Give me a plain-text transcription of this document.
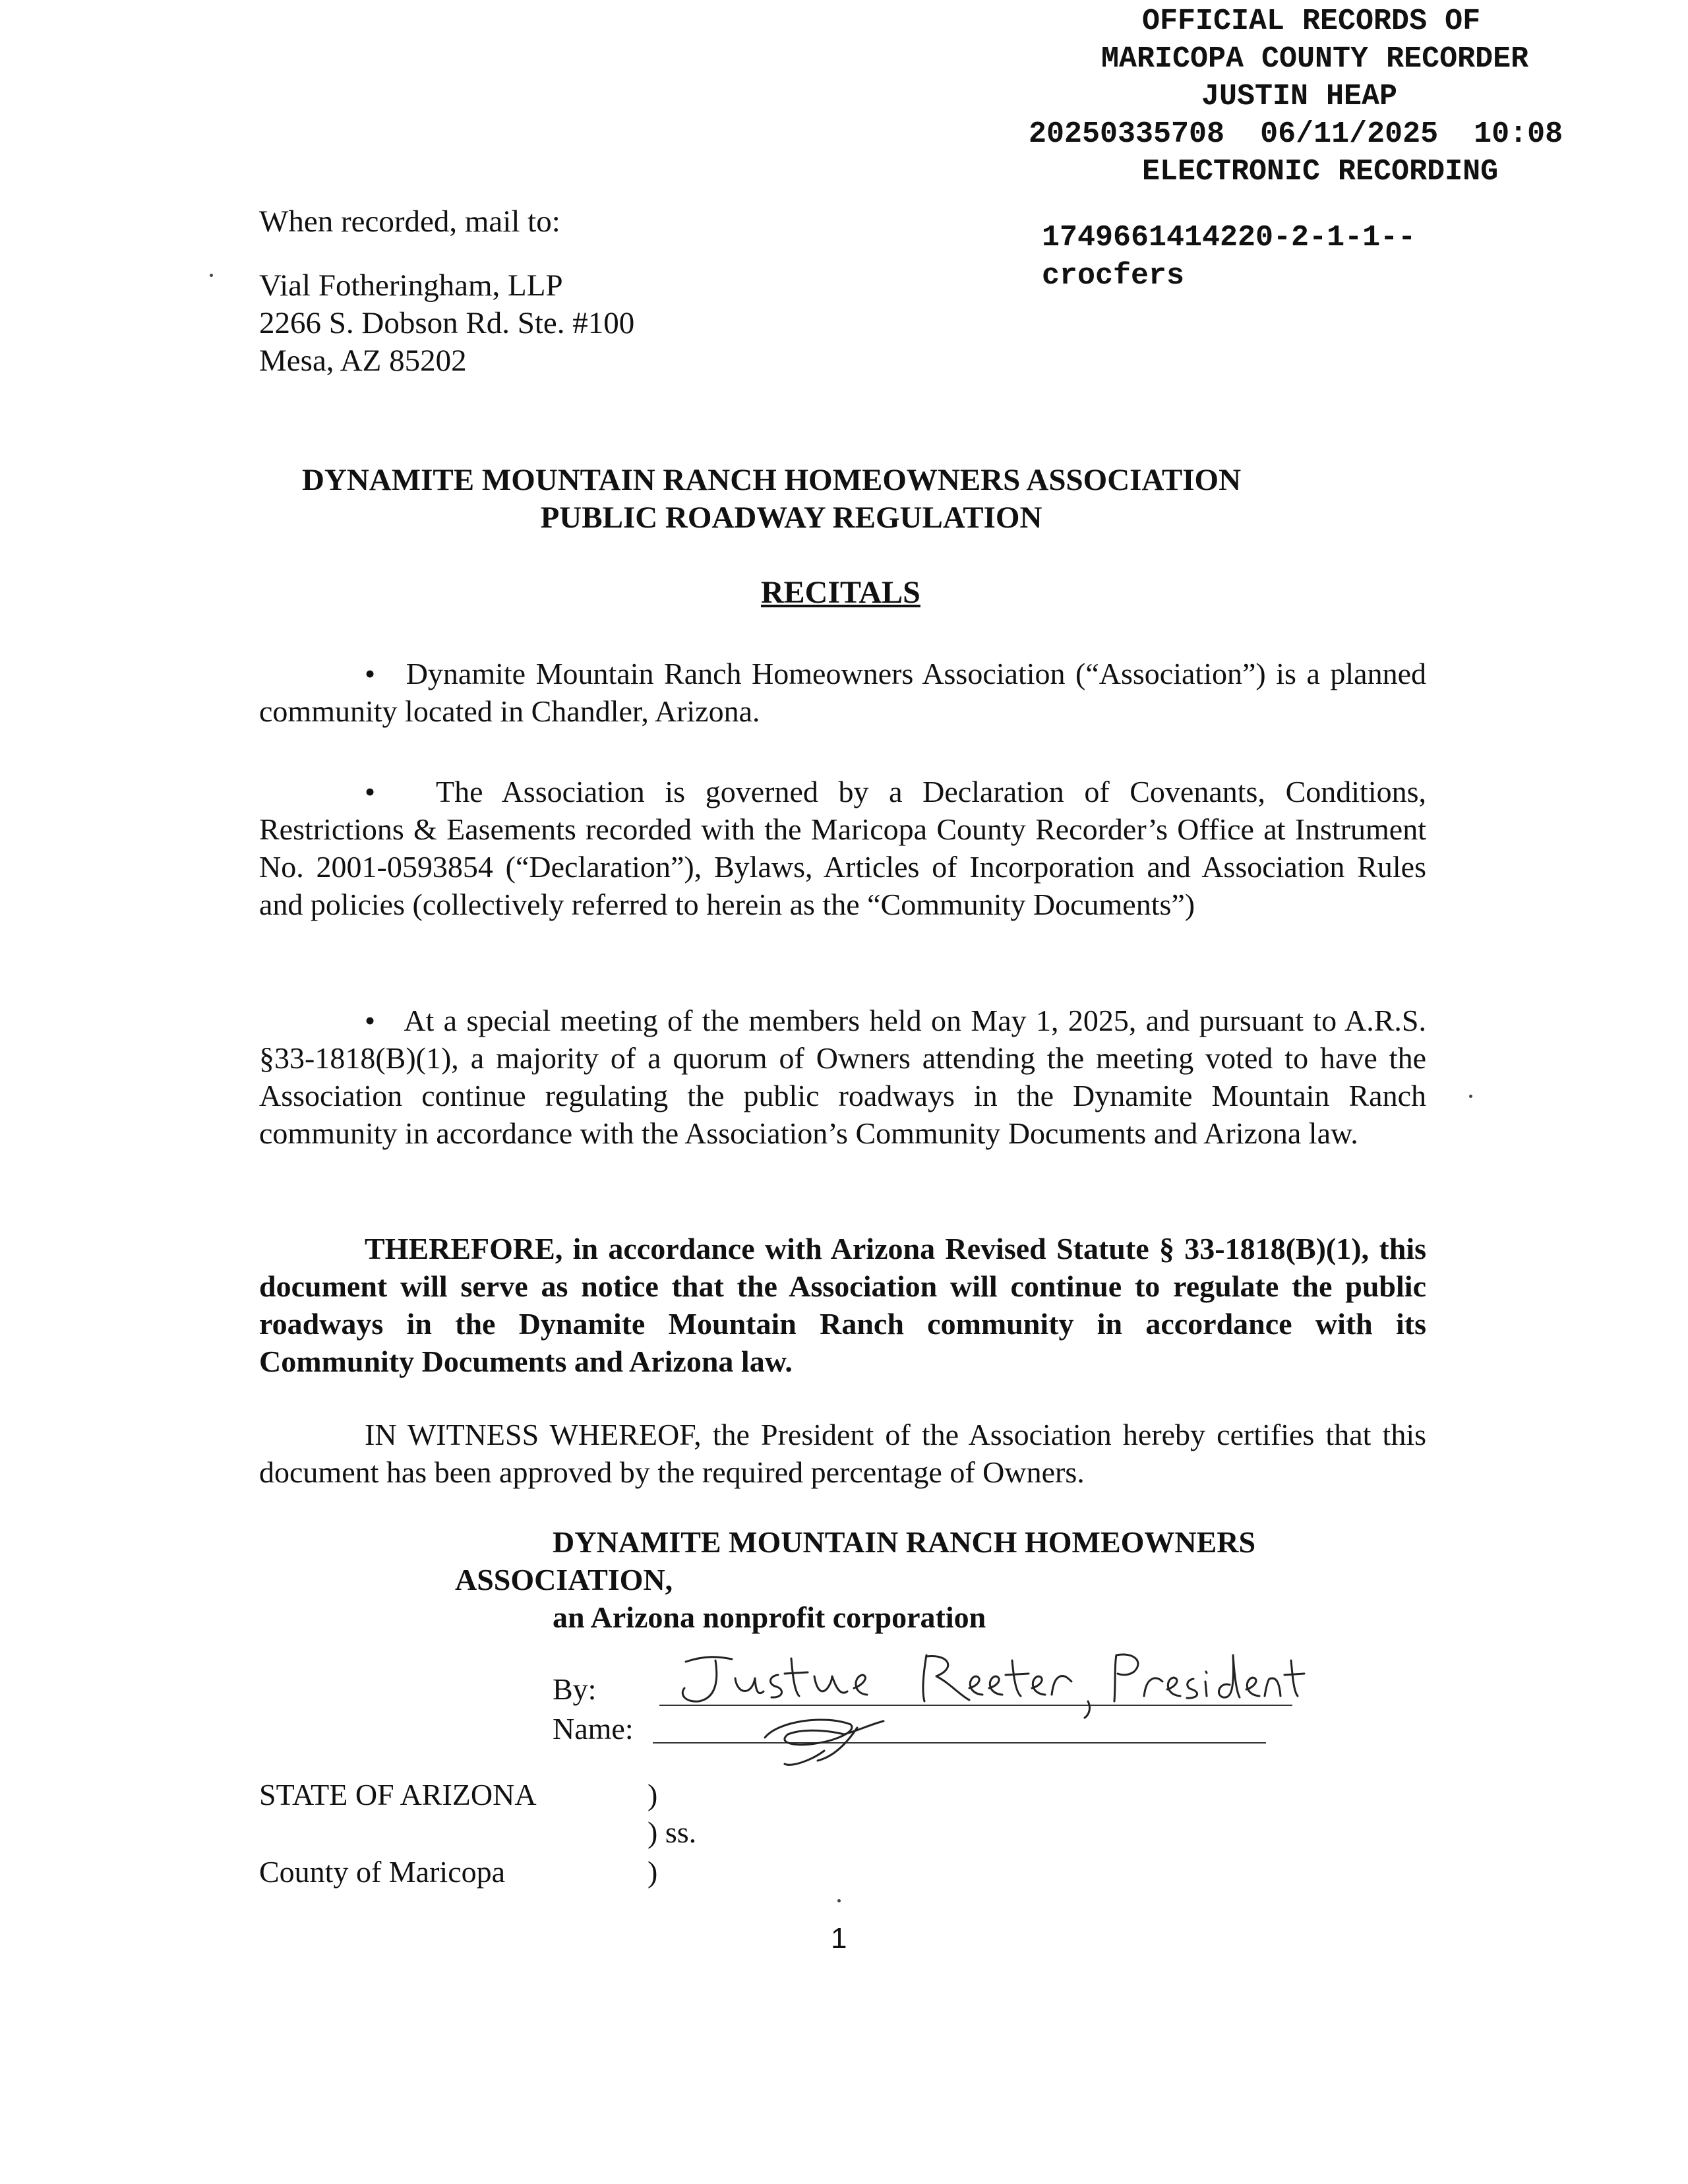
OFFICIAL RECORDS OF
MARICOPA COUNTY RECORDER
JUSTIN HEAP
20250335708 06/11/2025 10:08
ELECTRONIC RECORDING
1749661414220-2-1-1--
crocfers
When recorded, mail to:
Vial Fotheringham, LLP
2266 S. Dobson Rd. Ste. #100
Mesa, AZ 85202
DYNAMITE MOUNTAIN RANCH HOMEOWNERS ASSOCIATION
PUBLIC ROADWAY REGULATION
RECITALS
•   Dynamite Mountain Ranch Homeowners Association (“Association”) is a planned community located in Chandler, Arizona.
•   The Association is governed by a Declaration of Covenants, Conditions, Restrictions & Easements recorded with the Maricopa County Recorder’s Office at Instrument No. 2001-0593854 (“Declaration”), Bylaws, Articles of Incorporation and Association Rules and policies (collectively referred to herein as the “Community Documents”)
•   At a special meeting of the members held on May 1, 2025, and pursuant to A.R.S. §33-1818(B)(1), a majority of a quorum of Owners attending the meeting voted to have the Association continue regulating the public roadways in the Dynamite Mountain Ranch community in accordance with the Association’s Community Documents and Arizona law.
THEREFORE, in accordance with Arizona Revised Statute § 33-1818(B)(1), this document will serve as notice that the Association will continue to regulate the public roadways in the Dynamite Mountain Ranch community in accordance with its Community Documents and Arizona law.
IN WITNESS WHEREOF, the President of the Association hereby certifies that this document has been approved by the required percentage of Owners.
DYNAMITE MOUNTAIN RANCH HOMEOWNERS
ASSOCIATION,
an Arizona nonprofit corporation
By:
Name:
STATE OF ARIZONA
County of Maricopa
)
) ss.
)
1
